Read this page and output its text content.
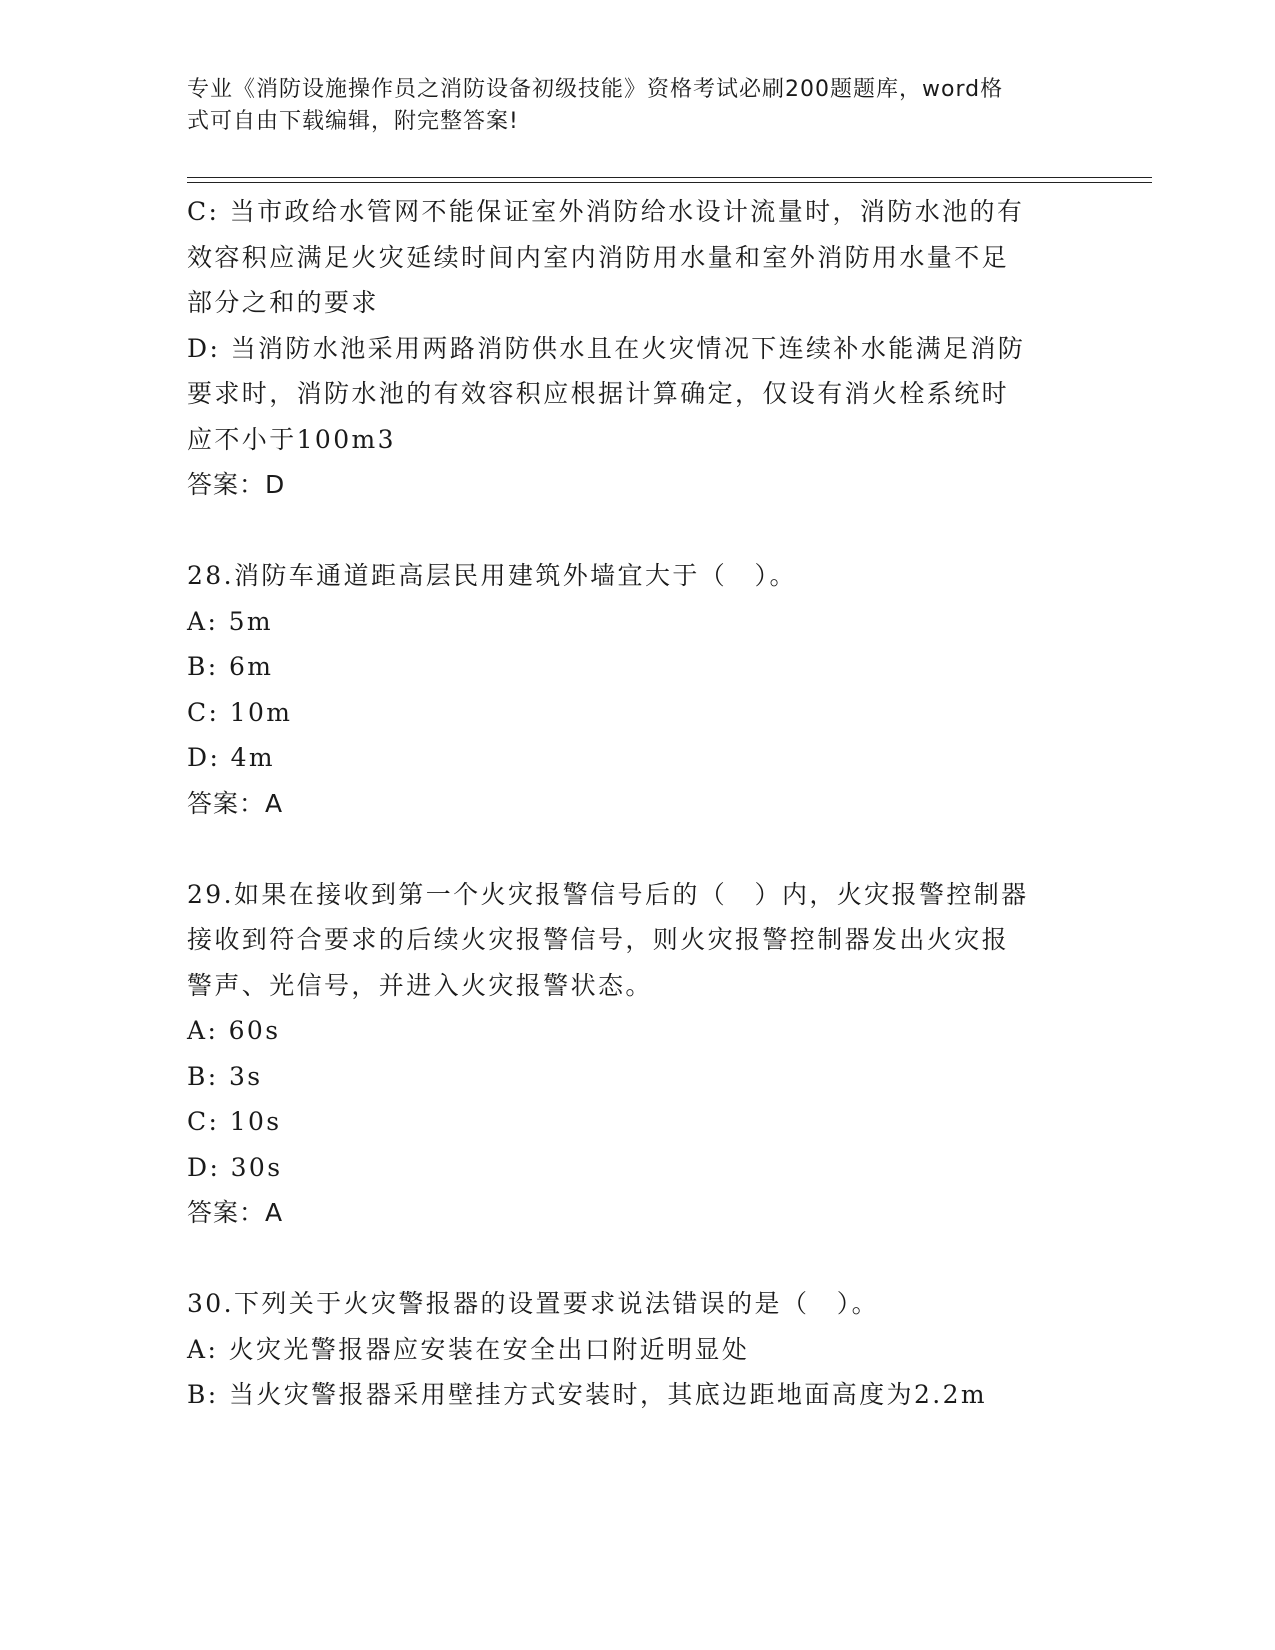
专业《消防设施操作员之消防设备初级技能》资格考试必刷200题题库，word格
式可自由下载编辑，附完整答案!
C: 当市政给水管网不能保证室外消防给水设计流量时，消防水池的有
效容积应满足火灾延续时间内室内消防用水量和室外消防用水量不足
部分之和的要求
D: 当消防水池采用两路消防供水且在火灾情况下连续补水能满足消防
要求时，消防水池的有效容积应根据计算确定，仅设有消火栓系统时
应不小于100m3
答案：D
28.消防车通道距高层民用建筑外墙宜大于（　）。
A: 5m
B: 6m
C: 10m
D: 4m
答案：A
29.如果在接收到第一个火灾报警信号后的（　）内，火灾报警控制器
接收到符合要求的后续火灾报警信号，则火灾报警控制器发出火灾报
警声、光信号，并进入火灾报警状态。
A: 60s
B: 3s
C: 10s
D: 30s
答案：A
30.下列关于火灾警报器的设置要求说法错误的是（　）。
A: 火灾光警报器应安装在安全出口附近明显处
B: 当火灾警报器采用壁挂方式安装时，其底边距地面高度为2.2m
